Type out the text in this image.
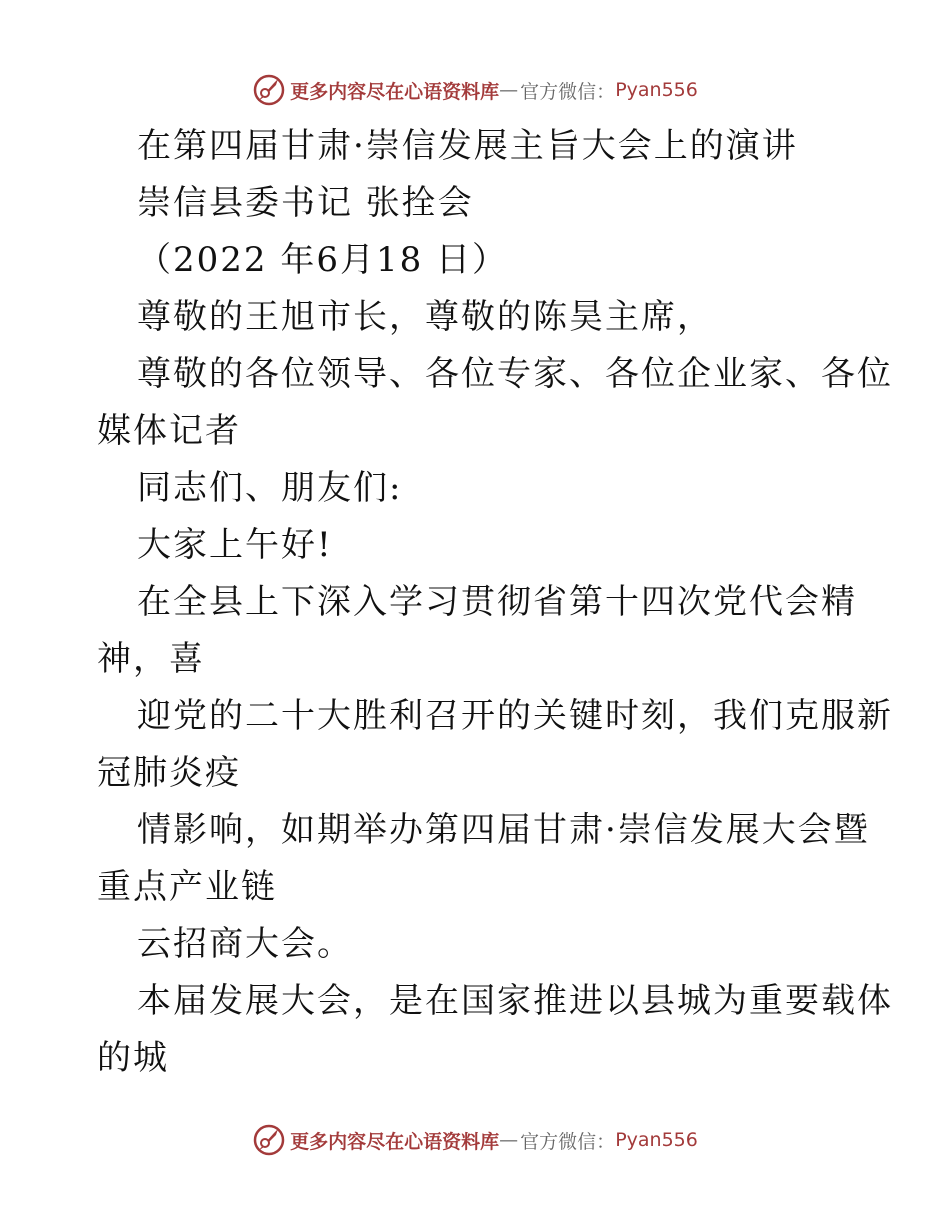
更多内容尽在心语资料库 — 官方微信： Pyan556
在第四届甘肃·崇信发展主旨大会上的演讲
崇信县委书记 张拴会
（2022 年6月18 日）
尊敬的王旭市长，尊敬的陈昊主席，
尊敬的各位领导、各位专家、各位企业家、各位
媒体记者
同志们、朋友们:
大家上午好!
在全县上下深入学习贯彻省第十四次党代会精
神，喜
迎党的二十大胜利召开的关键时刻，我们克服新
冠肺炎疫
情影响，如期举办第四届甘肃·崇信发展大会暨
重点产业链
云招商大会。
本届发展大会，是在国家推进以县城为重要载体
的城
更多内容尽在心语资料库 — 官方微信： Pyan556
